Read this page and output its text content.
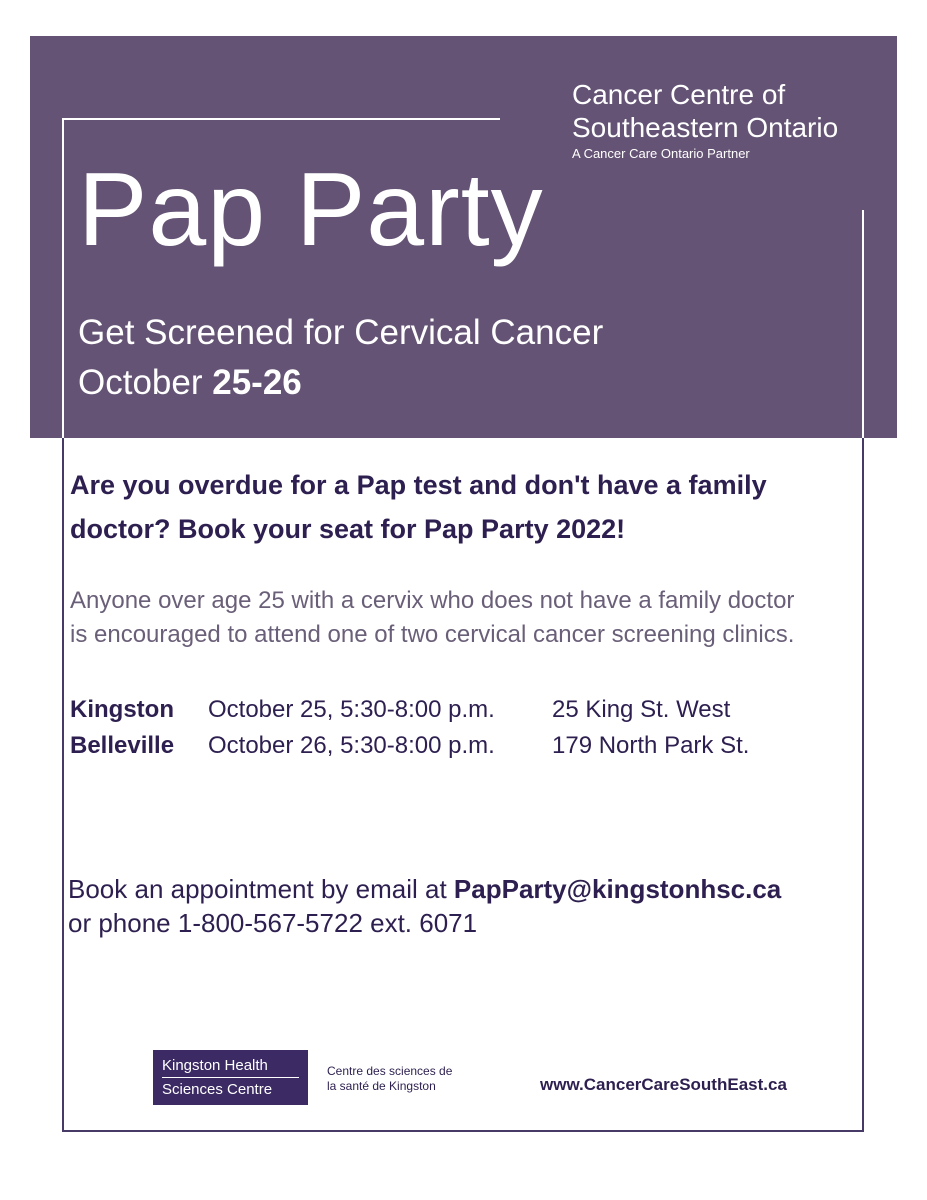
Cancer Centre of
Southeastern Ontario
A Cancer Care Ontario Partner
Pap Party
Get Screened for Cervical Cancer
October 25-26
Are you overdue for a Pap test and don't have a family doctor? Book your seat for Pap Party 2022!
Anyone over age 25 with a cervix who does not have a family doctor is encouraged to attend one of two cervical cancer screening clinics.
Kingston October 25, 5:30-8:00 p.m. 25 King St. West
Belleville October 26, 5:30-8:00 p.m. 179 North Park St.
Book an appointment by email at PapParty@kingstonhsc.ca
or phone 1-800-567-5722 ext. 6071
Kingston Health
Sciences Centre
Centre des sciences de
la santé de Kingston	www.CancerCareSouthEast.ca
